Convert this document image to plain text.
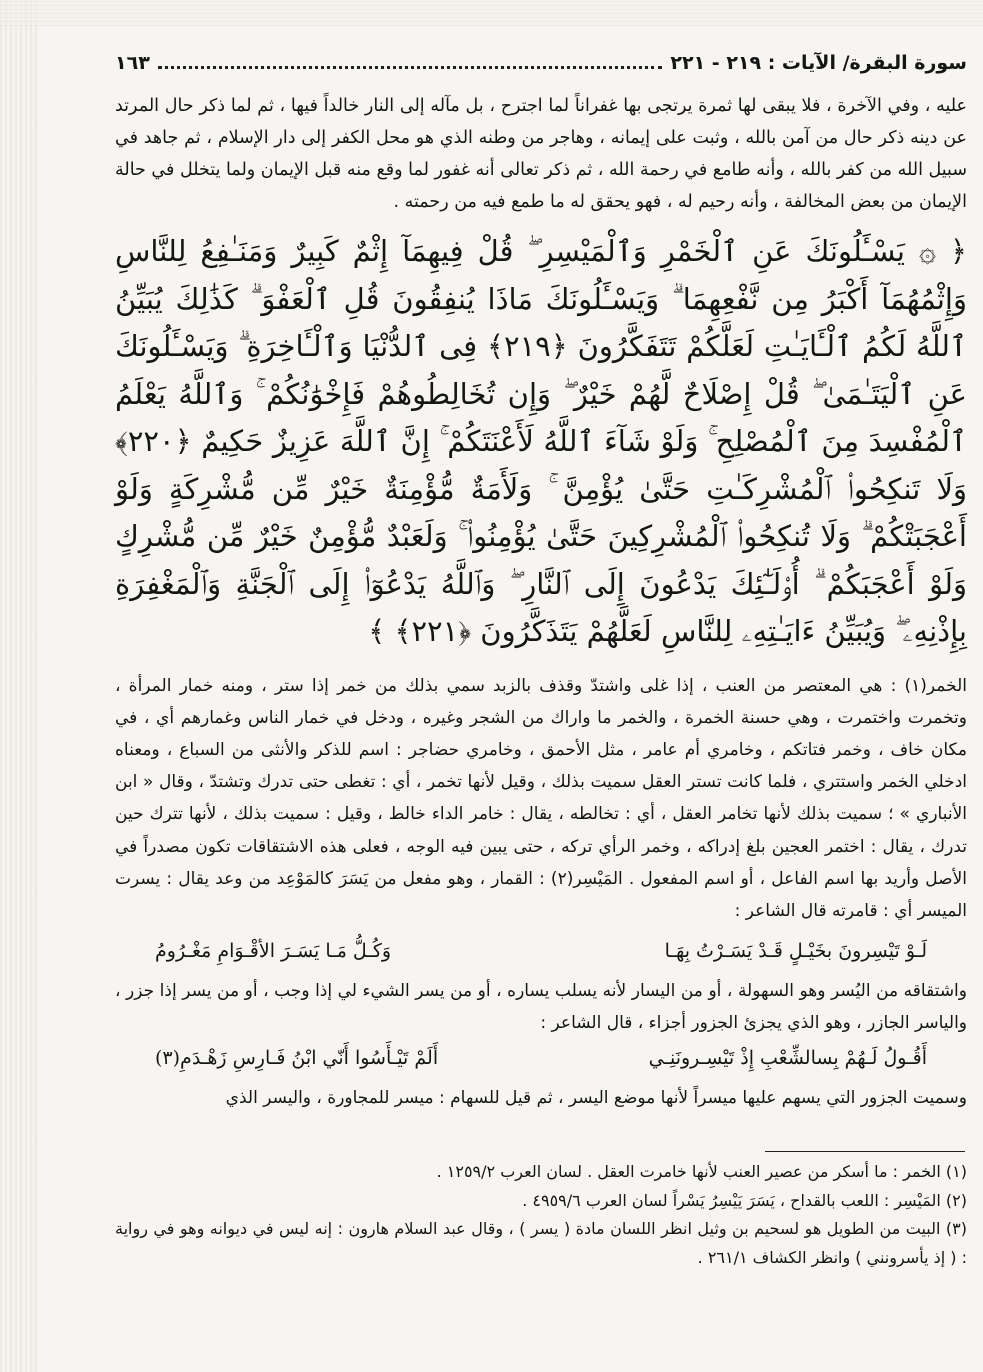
سورة البقرة/ الآيات : ٢١٩ - ٢٢١
١٦٣
عليه ، وفي الآخرة ، فلا يبقى لها ثمرة يرتجى بها غفراناً لما اجترح ، بل مآله إلى النار خالداً فيها ، ثم لما ذكر حال المرتد عن دينه ذكر حال من آمن بالله ، وثبت على إيمانه ، وهاجر من وطنه الذي هو محل الكفر إلى دار الإسلام ، ثم جاهد في سبيل الله من كفر بالله ، وأنه طامع في رحمة الله ، ثم ذكر تعالى أنه غفور لما وقع منه قبل الإيمان ولما يتخلل في حالة الإيمان من بعض المخالفة ، وأنه رحيم له ، فهو يحقق له ما طمع فيه من رحمته .
﴿ ۞ يَسْـَٔلُونَكَ عَنِ ٱلْخَمْرِ وَٱلْمَيْسِرِ ۖ قُلْ فِيهِمَآ إِثْمٌ كَبِيرٌ وَمَنَـٰفِعُ لِلنَّاسِ وَإِثْمُهُمَآ أَكْبَرُ مِن نَّفْعِهِمَا ۗ وَيَسْـَٔلُونَكَ مَاذَا يُنفِقُونَ قُلِ ٱلْعَفْوَ ۗ كَذَٰلِكَ يُبَيِّنُ ٱللَّهُ لَكُمُ ٱلْـَٔايَـٰتِ لَعَلَّكُمْ تَتَفَكَّرُونَ ﴿٢١٩﴾ فِى ٱلدُّنْيَا وَٱلْـَٔاخِرَةِ ۗ وَيَسْـَٔلُونَكَ عَنِ ٱلْيَتَـٰمَىٰ ۖ قُلْ إِصْلَاحٌ لَّهُمْ خَيْرٌ ۖ وَإِن تُخَالِطُوهُمْ فَإِخْوَٰنُكُمْ ۚ وَٱللَّهُ يَعْلَمُ ٱلْمُفْسِدَ مِنَ ٱلْمُصْلِحِ ۚ وَلَوْ شَآءَ ٱللَّهُ لَأَعْنَتَكُمْ ۚ إِنَّ ٱللَّهَ عَزِيزٌ حَكِيمٌ ﴿٢٢٠﴾ وَلَا تَنكِحُوا۟ ٱلْمُشْرِكَـٰتِ حَتَّىٰ يُؤْمِنَّ ۚ وَلَأَمَةٌ مُّؤْمِنَةٌ خَيْرٌ مِّن مُّشْرِكَةٍ وَلَوْ أَعْجَبَتْكُمْ ۗ وَلَا تُنكِحُوا۟ ٱلْمُشْرِكِينَ حَتَّىٰ يُؤْمِنُوا۟ ۚ وَلَعَبْدٌ مُّؤْمِنٌ خَيْرٌ مِّن مُّشْرِكٍ وَلَوْ أَعْجَبَكُمْ ۗ أُو۟لَـٰٓئِكَ يَدْعُونَ إِلَى ٱلنَّارِ ۖ وَٱللَّهُ يَدْعُوٓا۟ إِلَى ٱلْجَنَّةِ وَٱلْمَغْفِرَةِ بِإِذْنِهِۦ ۖ وَيُبَيِّنُ ءَايَـٰتِهِۦ لِلنَّاسِ لَعَلَّهُمْ يَتَذَكَّرُونَ ﴿٢٢١﴾ ﴾
الخمر(١) : هي المعتصر من العنب ، إذا غلى واشتدّ وقذف بالزبد سمي بذلك من خمر إذا ستر ، ومنه خمار المرأة ، وتخمرت واختمرت ، وهي حسنة الخمرة ، والخمر ما واراك من الشجر وغيره ، ودخل في خمار الناس وغمارهم أي ، في مكان خاف ، وخمر فتاتكم ، وخامري أم عامر ، مثل الأحمق ، وخامري حضاجر : اسم للذكر والأنثى من السباع ، ومعناه ادخلي الخمر واستتري ، فلما كانت تستر العقل سميت بذلك ، وقيل لأنها تخمر ، أي : تغطى حتى تدرك وتشتدّ ، وقال « ابن الأنباري » ؛ سميت بذلك لأنها تخامر العقل ، أي : تخالطه ، يقال : خامر الداء خالط ، وقيل : سميت بذلك ، لأنها تترك حين تدرك ، يقال : اختمر العجين بلغ إدراكه ، وخمر الرأي تركه ، حتى يبين فيه الوجه ، فعلى هذه الاشتقاقات تكون مصدراً في الأصل وأريد بها اسم الفاعل ، أو اسم المفعول . المَيْسِر(٢) : القمار ، وهو مفعل من يَسَرَ كالمَوْعِد من وعد يقال : يسرت الميسر أي : قامرته قال الشاعر :
لَـوْ تَيْسِرونَ بخَيْـلٍ قَـدْ يَسَـرْتُ بِهَـا
وَكُـلُّ مَـا يَسَـرَ الأقْـوَامِ مَغْـرُومُ
واشتقاقه من اليُسر وهو السهولة ، أو من اليسار لأنه يسلب يساره ، أو من يسر الشيء لي إذا وجب ، أو من يسر إذا جزر ، والياسر الجازر ، وهو الذي يجزئ الجزور أجزاء ، قال الشاعر :
أَقُـولُ لَـهُمْ بِسالشِّعْبِ إِذْ تَيْسِـرونَنِـي
أَلَمْ تَيْـأَسُوا أَنّي ابْنُ فَـارِسِ زَهْـدَمِ(٣)
وسميت الجزور التي يسهم عليها ميسراً لأنها موضع اليسر ، ثم قيل للسهام : ميسر للمجاورة ، واليسر الذي

(١) الخمر : ما أسكر من عصير العنب لأنها خامرت العقل . لسان العرب ١٢٥٩/٢ .

(٢) المَيْسِر : اللعب بالقداح ، يَسَرَ يَيْسِرُ يَسْراً لسان العرب ٤٩٥٩/٦ .

(٣) البيت من الطويل هو لسحيم بن وثيل انظر اللسان مادة ( يسر ) ، وقال عبد السلام هارون : إنه ليس في ديوانه وهو في رواية : ( إذ يأسرونني ) وانظر الكشاف ٢٦١/١ .
